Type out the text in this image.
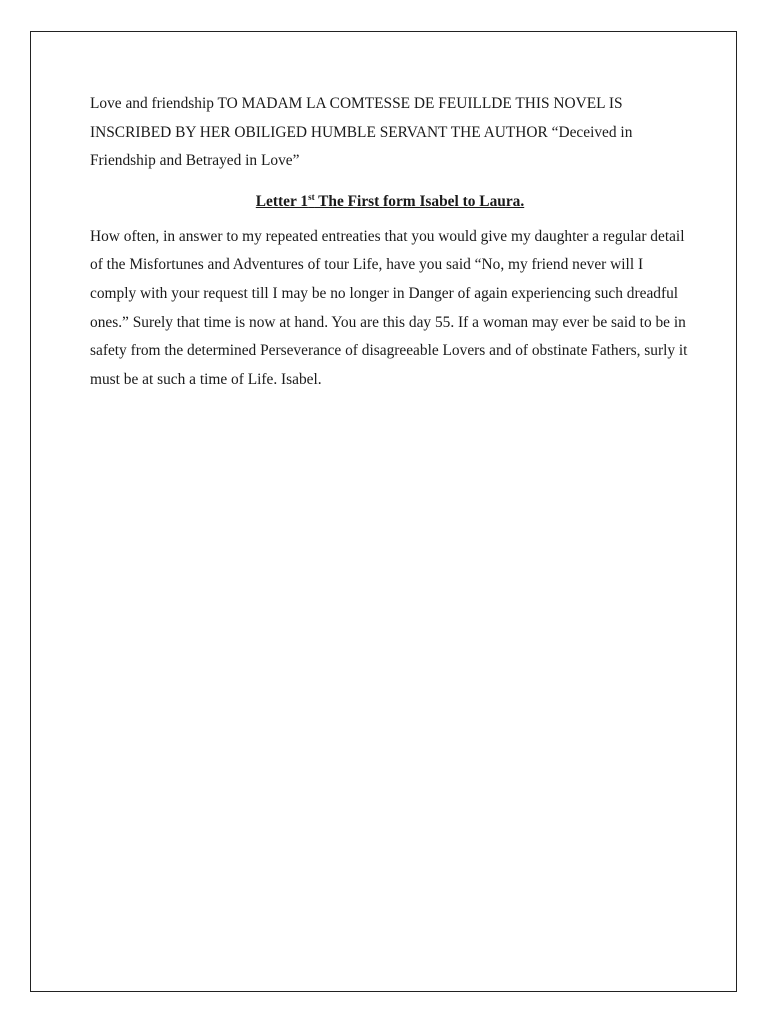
Love and friendship TO MADAM LA COMTESSE DE FEUILLDE THIS NOVEL IS INSCRIBED BY HER OBILIGED HUMBLE SERVANT THE AUTHOR “Deceived in Friendship and Betrayed in Love”

Letter 1st The First form Isabel to Laura.

How often, in answer to my repeated entreaties that you would give my daughter a regular detail of the Misfortunes and Adventures of tour Life, have you said “No, my friend never will I comply with your request till I may be no longer in Danger of again experiencing such dreadful ones.” Surely that time is now at hand. You are this day 55. If a woman may ever be said to be in safety from the determined Perseverance of disagreeable Lovers and of obstinate Fathers, surly it must be at such a time of Life. Isabel.
